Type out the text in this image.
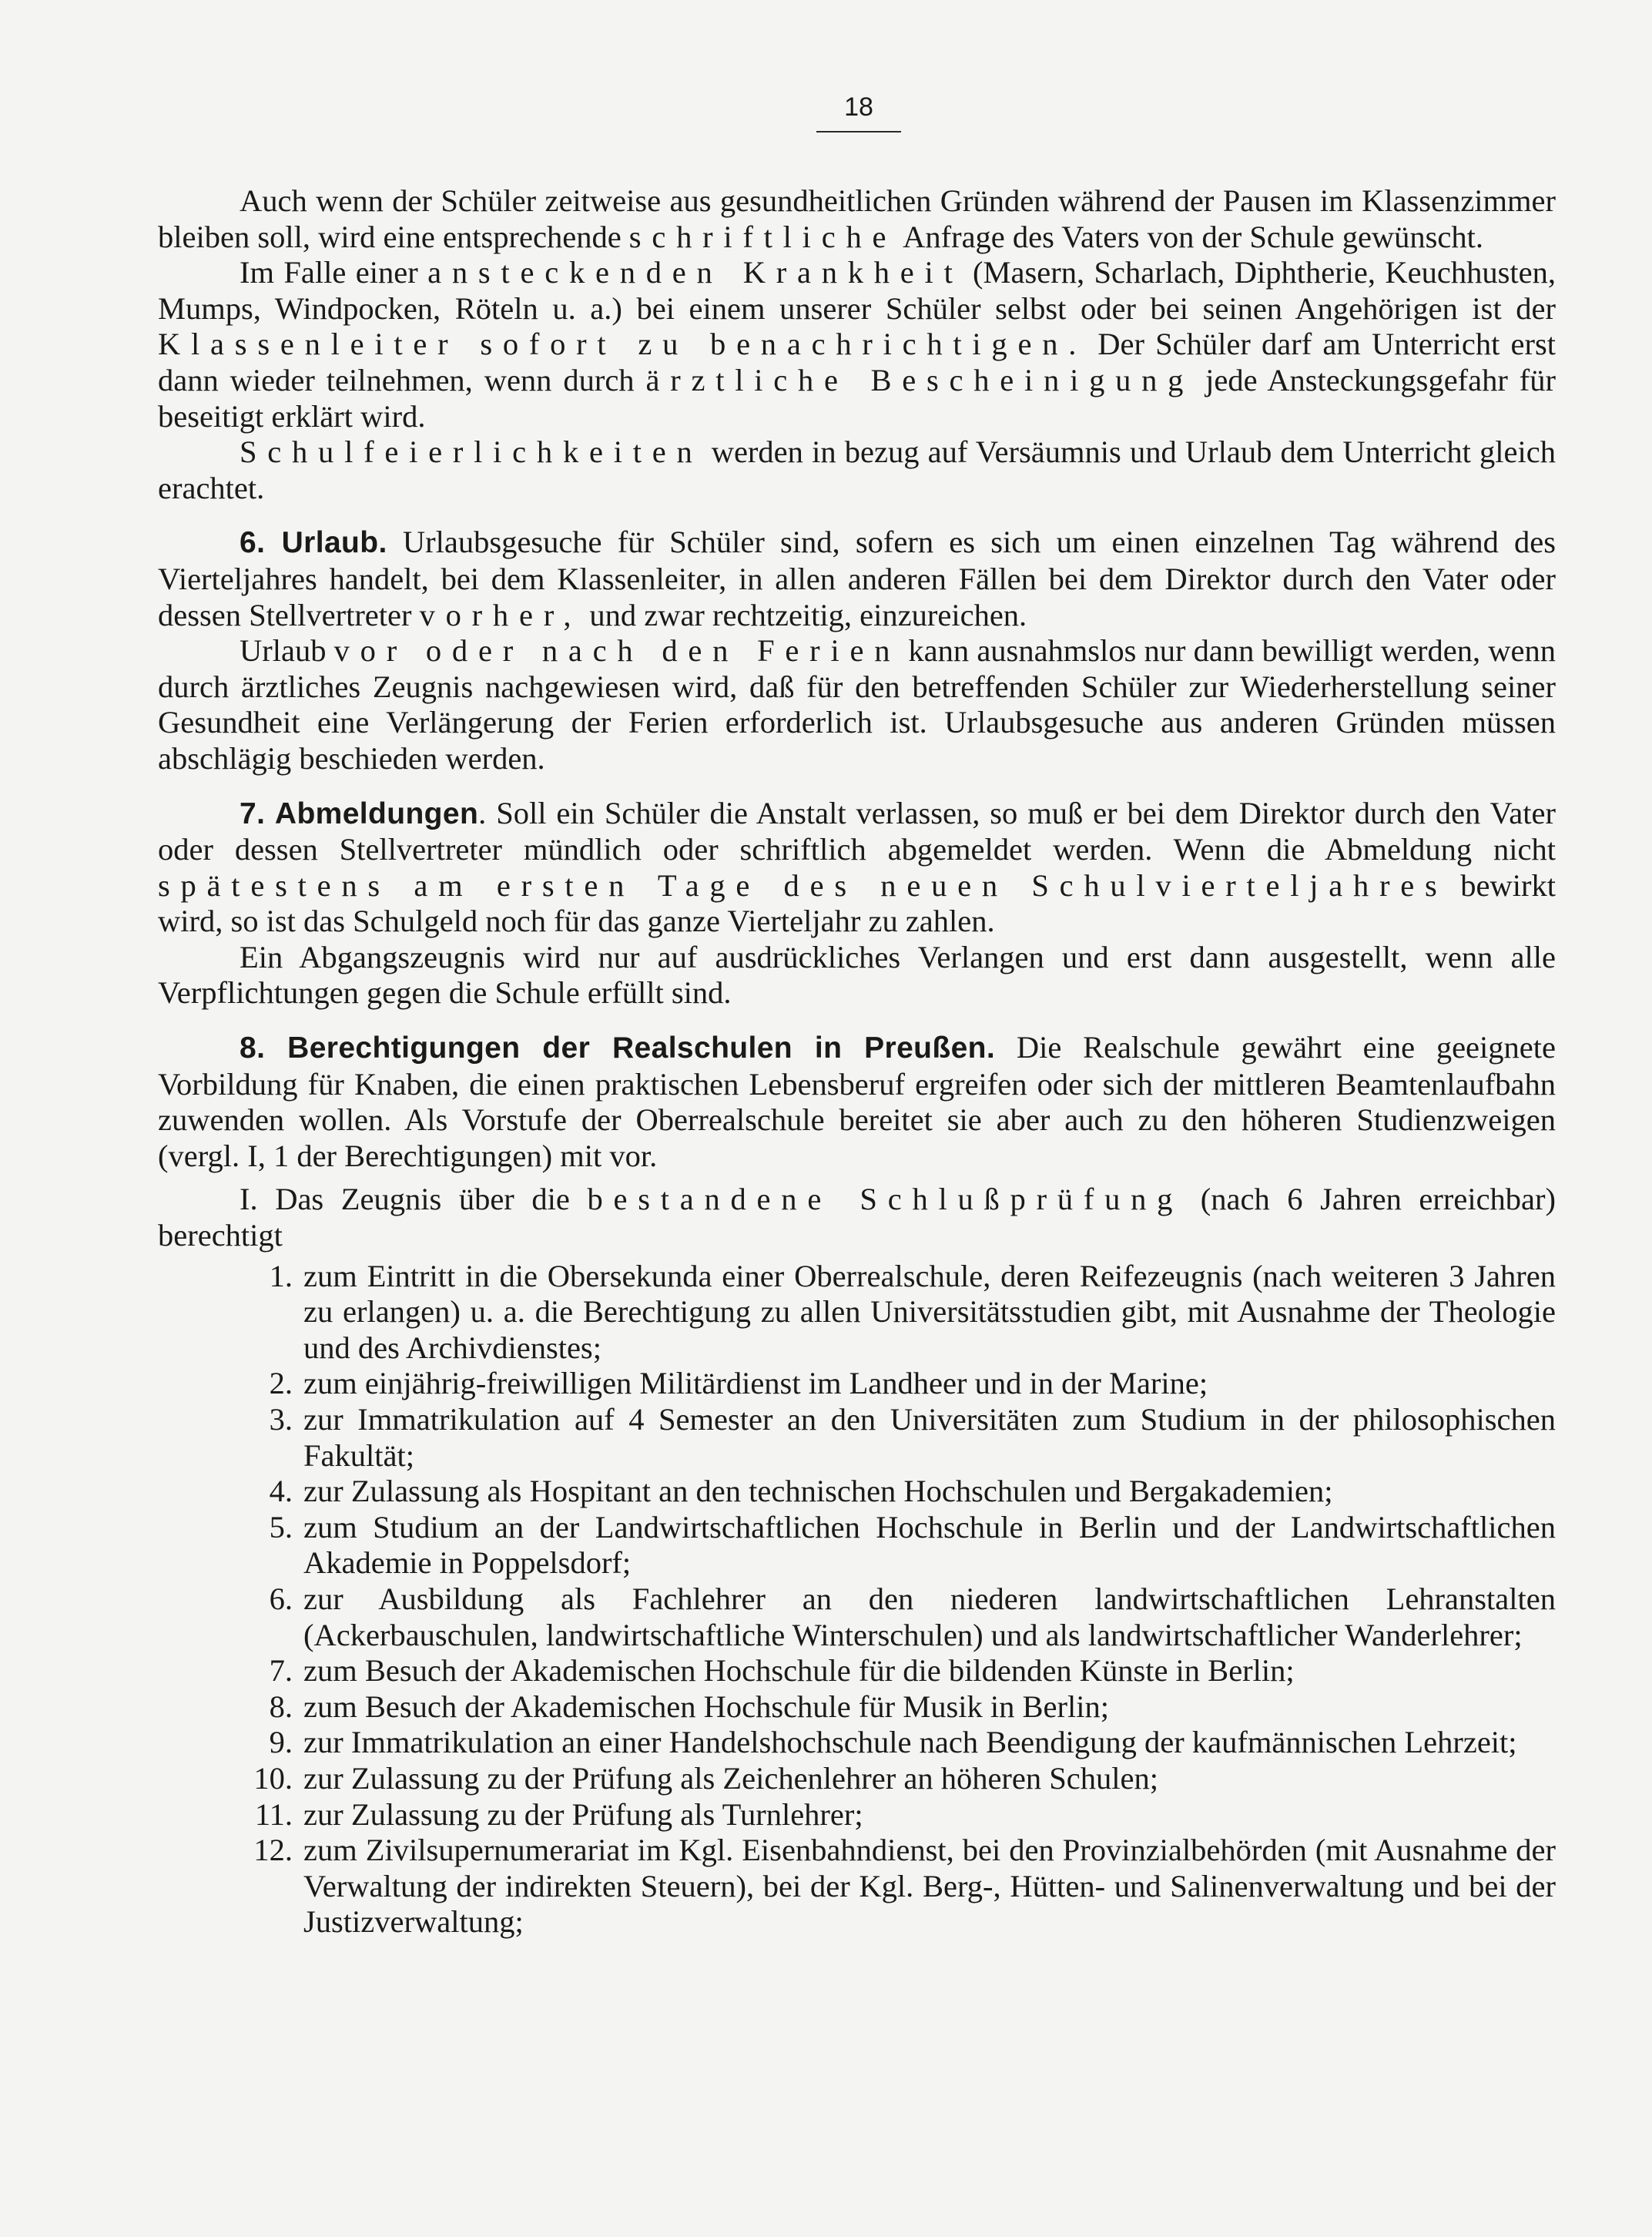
18

Auch wenn der Schüler zeitweise aus gesundheitlichen Gründen während der Pausen im Klassenzimmer bleiben soll, wird eine entsprechende schriftliche Anfrage des Vaters von der Schule gewünscht.

Im Falle einer ansteckenden Krankheit (Masern, Scharlach, Diphtherie, Keuchhusten, Mumps, Windpocken, Röteln u. a.) bei einem unserer Schüler selbst oder bei seinen Angehörigen ist der Klassenleiter sofort zu benachrichtigen. Der Schüler darf am Unterricht erst dann wieder teilnehmen, wenn durch ärztliche Bescheinigung jede Ansteckungsgefahr für beseitigt erklärt wird.

Schulfeierlichkeiten werden in bezug auf Versäumnis und Urlaub dem Unterricht gleich erachtet.

6. Urlaub. Urlaubsgesuche für Schüler sind, sofern es sich um einen einzelnen Tag während des Vierteljahres handelt, bei dem Klassenleiter, in allen anderen Fällen bei dem Direktor durch den Vater oder dessen Stellvertreter vorher, und zwar rechtzeitig, einzureichen.

Urlaub vor oder nach den Ferien kann ausnahmslos nur dann bewilligt werden, wenn durch ärztliches Zeugnis nachgewiesen wird, daß für den betreffenden Schüler zur Wiederherstellung seiner Gesundheit eine Verlängerung der Ferien erforderlich ist. Urlaubsgesuche aus anderen Gründen müssen abschlägig beschieden werden.

7. Abmeldungen. Soll ein Schüler die Anstalt verlassen, so muß er bei dem Direktor durch den Vater oder dessen Stellvertreter mündlich oder schriftlich abgemeldet werden. Wenn die Abmeldung nicht spätestens am ersten Tage des neuen Schulvierteljahres bewirkt wird, so ist das Schulgeld noch für das ganze Vierteljahr zu zahlen.

Ein Abgangszeugnis wird nur auf ausdrückliches Verlangen und erst dann ausgestellt, wenn alle Verpflichtungen gegen die Schule erfüllt sind.

8. Berechtigungen der Realschulen in Preußen. Die Realschule gewährt eine geeignete Vorbildung für Knaben, die einen praktischen Lebensberuf ergreifen oder sich der mittleren Beamtenlaufbahn zuwenden wollen. Als Vorstufe der Oberrealschule bereitet sie aber auch zu den höheren Studienzweigen (vergl. I, 1 der Berechtigungen) mit vor.

I. Das Zeugnis über die bestandene Schlußprüfung (nach 6 Jahren erreichbar) berechtigt

1. zum Eintritt in die Obersekunda einer Oberrealschule, deren Reifezeugnis (nach weiteren 3 Jahren zu erlangen) u. a. die Berechtigung zu allen Universitätsstudien gibt, mit Ausnahme der Theologie und des Archivdienstes;
2. zum einjährig-freiwilligen Militärdienst im Landheer und in der Marine;
3. zur Immatrikulation auf 4 Semester an den Universitäten zum Studium in der philosophischen Fakultät;
4. zur Zulassung als Hospitant an den technischen Hochschulen und Bergakademien;
5. zum Studium an der Landwirtschaftlichen Hochschule in Berlin und der Landwirtschaftlichen Akademie in Poppelsdorf;
6. zur Ausbildung als Fachlehrer an den niederen landwirtschaftlichen Lehranstalten (Ackerbauschulen, landwirtschaftliche Winterschulen) und als landwirtschaftlicher Wanderlehrer;
7. zum Besuch der Akademischen Hochschule für die bildenden Künste in Berlin;
8. zum Besuch der Akademischen Hochschule für Musik in Berlin;
9. zur Immatrikulation an einer Handelshochschule nach Beendigung der kaufmännischen Lehrzeit;
10. zur Zulassung zu der Prüfung als Zeichenlehrer an höheren Schulen;
11. zur Zulassung zu der Prüfung als Turnlehrer;
12. zum Zivilsupernumerariat im Kgl. Eisenbahndienst, bei den Provinzialbehörden (mit Ausnahme der Verwaltung der indirekten Steuern), bei der Kgl. Berg-, Hütten- und Salinenverwaltung und bei der Justizverwaltung;
